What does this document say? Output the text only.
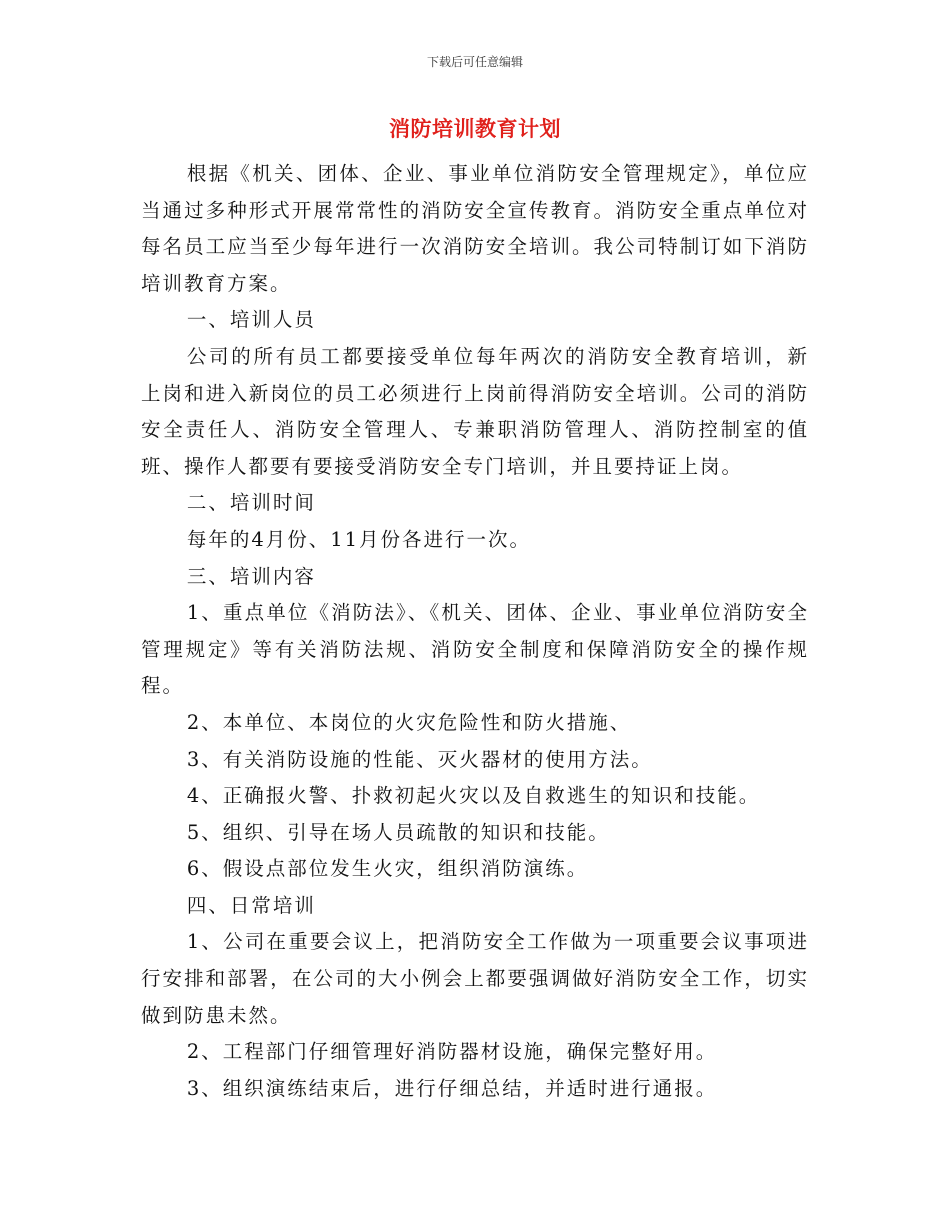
下载后可任意编辑
消防培训教育计划

根据《机关、团体、企业、事业单位消防安全管理规定》，单位应当通过多种形式开展常常性的消防安全宣传教育。消防安全重点单位对每名员工应当至少每年进行一次消防安全培训。我公司特制订如下消防培训教育方案。

一、培训人员

公司的所有员工都要接受单位每年两次的消防安全教育培训，新上岗和进入新岗位的员工必须进行上岗前得消防安全培训。公司的消防安全责任人、消防安全管理人、专兼职消防管理人、消防控制室的值班、操作人都要有要接受消防安全专门培训，并且要持证上岗。

二、培训时间

每年的4月份、11月份各进行一次。

三、培训内容

1、重点单位《消防法》、《机关、团体、企业、事业单位消防安全管理规定》等有关消防法规、消防安全制度和保障消防安全的操作规程。

2、本单位、本岗位的火灾危险性和防火措施、

3、有关消防设施的性能、灭火器材的使用方法。

4、正确报火警、扑救初起火灾以及自救逃生的知识和技能。

5、组织、引导在场人员疏散的知识和技能。

6、假设点部位发生火灾，组织消防演练。

四、日常培训

1、公司在重要会议上，把消防安全工作做为一项重要会议事项进行安排和部署，在公司的大小例会上都要强调做好消防安全工作，切实做到防患未然。

2、工程部门仔细管理好消防器材设施，确保完整好用。

3、组织演练结束后，进行仔细总结，并适时进行通报。
